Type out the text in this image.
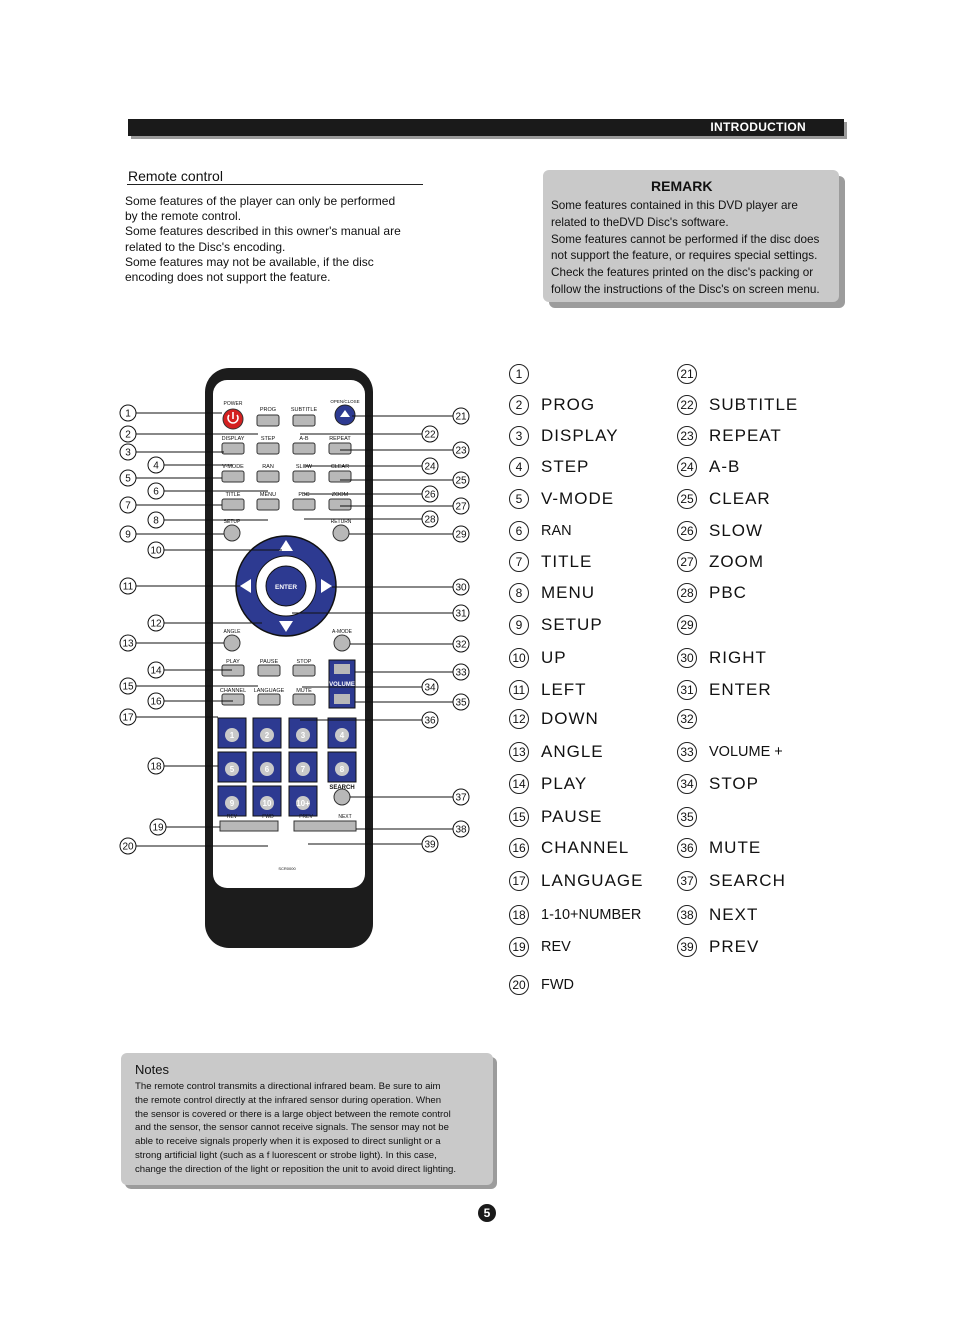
INTRODUCTION
Remote control
Some features of the player can only be performed
by the remote control.
Some features described in this owner's manual are
related to the Disc's encoding.
Some features may not be available, if the disc
encoding does not support the feature.
REMARK
Some features contained in this DVD player are
related to theDVD Disc's software.
Some features cannot be performed if the disc does
not support the feature, or requires special settings.
Check the features printed on the disc's packing or
follow the instructions of the Disc's on screen menu.
POWER	OPEN/CLOSE
PROG	SUBTITLE
DISPLAY	STEP	A-B	REPEAT
V-MODE	RAN	SLOW	CLEAR
TITLE	MENU	PBC	ZOOM
SETUP	RETURN
ENTER
ANGLE	A-MODE
PLAY	PAUSE	STOP
VOLUME
CHANNEL LANGUAGE MUTE
1	2	3	4
5	6	7	8
9	10	10+
SEARCH
REV	FWD	PREV	NEXT
SCR0000
1
2
3
4
5
6
7
8
9
10
11
12
13
14
15
16
17
18
19
20
21
22
23
24
25
26
27
28
29
30
31
32
33
34
35
36
37
38
39
1
2	PROG
3	DISPLAY
4	STEP
5	V-MODE
6	RAN
7	TITLE
8	MENU
9	SETUP
10 UP
11 LEFT
12 DOWN
13 ANGLE
14 PLAY
15 PAUSE
16 CHANNEL
17 LANGUAGE
18 1-10+NUMBER
19 REV
20 FWD
21
22 SUBTITLE
23 REPEAT
24 A-B
25 CLEAR
26 SLOW
27 ZOOM
28 PBC
29
30 RIGHT
31 ENTER
32
33 VOLUME +
34 STOP
35
36 MUTE
37 SEARCH
38 NEXT
39 PREV
Notes
The remote control transmits a directional infrared beam. Be sure to aim
the remote control directly at the infrared sensor during operation. When
the sensor is covered or there is a large object between the remote control
and the sensor, the sensor cannot receive signals. The sensor may not be
able to receive signals properly when it is exposed to direct sunlight or a
strong artificial light (such as a f luorescent or strobe light). In this case,
change the direction of the light or reposition the unit to avoid direct lighting.
5
